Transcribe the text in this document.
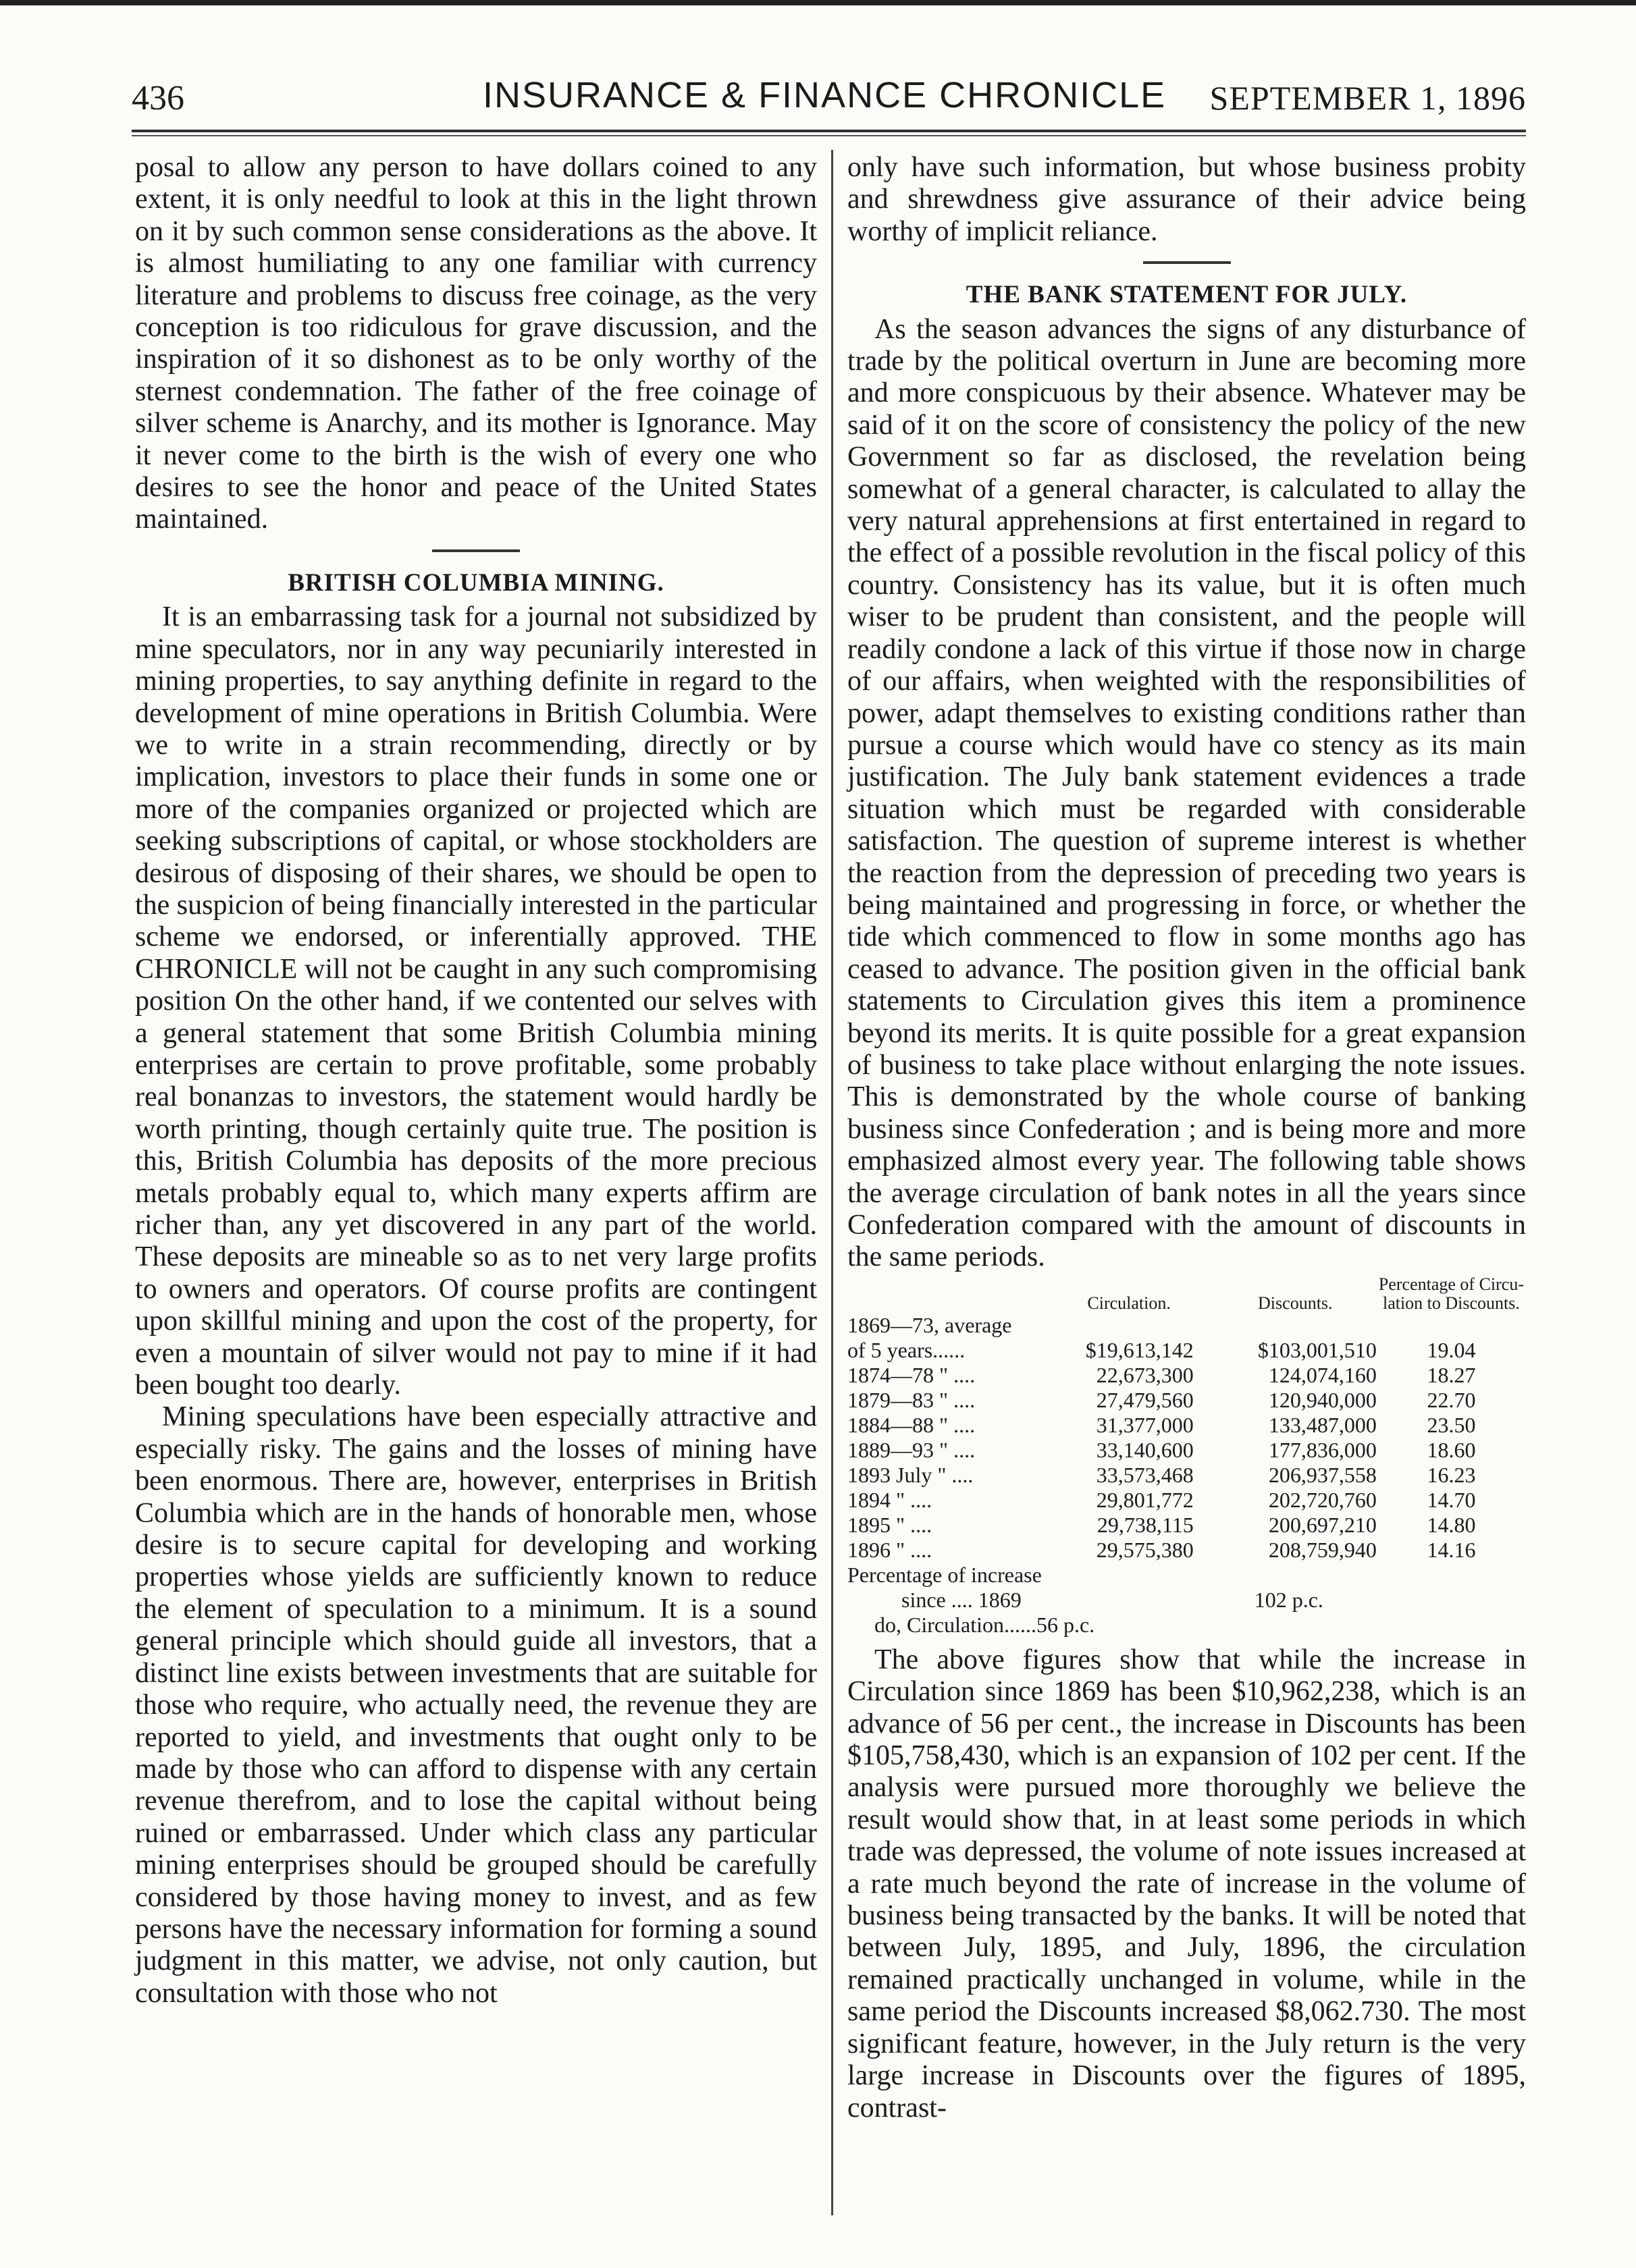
436	INSURANCE & FINANCE CHRONICLE SEPTEMBER 1, 1896

posal to allow any person to have dollars coined to any extent, it is only needful to look at this in the light thrown on it by such common sense considerations as the above. It is almost humiliating to any one familiar with currency literature and problems to discuss free coinage, as the very conception is too ridiculous for grave discussion, and the inspiration of it so dishonest as to be only worthy of the sternest condemnation. The father of the free coinage of silver scheme is Anarchy, and its mother is Ignorance. May it never come to the birth is the wish of every one who desires to see the honor and peace of the United States maintained.

BRITISH COLUMBIA MINING.

It is an embarrassing task for a journal not subsidized by mine speculators, nor in any way pecuniarily interested in mining properties, to say anything definite in regard to the development of mine operations in British Columbia. Were we to write in a strain recommending, directly or by implication, investors to place their funds in some one or more of the companies organized or projected which are seeking subscriptions of capital, or whose stockholders are desirous of disposing of their shares, we should be open to the suspicion of being financially interested in the particular scheme we endorsed, or inferentially approved. THE CHRONICLE will not be caught in any such compromising position On the other hand, if we contented our selves with a general statement that some British Columbia mining enterprises are certain to prove profitable, some probably real bonanzas to investors, the statement would hardly be worth printing, though certainly quite true. The position is this, British Columbia has deposits of the more precious metals probably equal to, which many experts affirm are richer than, any yet discovered in any part of the world. These deposits are mineable so as to net very large profits to owners and operators. Of course profits are contingent upon skillful mining and upon the cost of the property, for even a mountain of silver would not pay to mine if it had been bought too dearly.

Mining speculations have been especially attractive and especially risky. The gains and the losses of mining have been enormous. There are, however, enterprises in British Columbia which are in the hands of honorable men, whose desire is to secure capital for developing and working properties whose yields are sufficiently known to reduce the element of speculation to a minimum. It is a sound general principle which should guide all investors, that a distinct line exists between investments that are suitable for those who require, who actually need, the revenue they are reported to yield, and investments that ought only to be made by those who can afford to dispense with any certain revenue therefrom, and to lose the capital without being ruined or embarrassed. Under which class any particular mining enterprises should be grouped should be carefully considered by those having money to invest, and as few persons have the necessary information for forming a sound judgment in this matter, we advise, not only caution, but consultation with those who not

only have such information, but whose business probity and shrewdness give assurance of their advice being worthy of implicit reliance.

THE BANK STATEMENT FOR JULY.

As the season advances the signs of any disturbance of trade by the political overturn in June are becoming more and more conspicuous by their absence. Whatever may be said of it on the score of consistency the policy of the new Government so far as disclosed, the revelation being somewhat of a general character, is calculated to allay the very natural apprehensions at first entertained in regard to the effect of a possible revolution in the fiscal policy of this country. Consistency has its value, but it is often much wiser to be prudent than consistent, and the people will readily condone a lack of this virtue if those now in charge of our affairs, when weighted with the responsibilities of power, adapt themselves to existing conditions rather than pursue a course which would have co stency as its main justification. The July bank statement evidences a trade situation which must be regarded with considerable satisfaction. The question of supreme interest is whether the reaction from the depression of preceding two years is being maintained and progressing in force, or whether the tide which commenced to flow in some months ago has ceased to advance. The position given in the official bank statements to Circulation gives this item a prominence beyond its merits. It is quite possible for a great expansion of business to take place without enlarging the note issues. This is demonstrated by the whole course of banking business since Confederation ; and is being more and more emphasized almost every year. The following table shows the average circulation of bank notes in all the years since Confederation compared with the amount of discounts in the same periods.

			Percentage of Circu-
	Circulation.	Discounts.	lation to Discounts.
1869—73, average			
of 5 years......	$19,613,142	$103,001,510	19.04
1874—78 " ....	22,673,300	124,074,160	18.27
1879—83 " ....	27,479,560	120,940,000	22.70
1884—88 " ....	31,377,000	133,487,000	23.50
1889—93 " ....	33,140,600	177,836,000	18.60
1893 July " ....	33,573,468	206,937,558	16.23
1894 " ....	29,801,772	202,720,760	14.70
1895 " ....	29,738,115	200,697,210	14.80
1896 " ....	29,575,380	208,759,940	14.16
Percentage of increase			
since .... 1869		102 p.c.	
do, Circulation......56 p.c.			

The above figures show that while the increase in Circulation since 1869 has been $10,962,238, which is an advance of 56 per cent., the increase in Discounts has been $105,758,430, which is an expansion of 102 per cent. If the analysis were pursued more thoroughly we believe the result would show that, in at least some periods in which trade was depressed, the volume of note issues increased at a rate much beyond the rate of increase in the volume of business being transacted by the banks. It will be noted that between July, 1895, and July, 1896, the circulation remained practically unchanged in volume, while in the same period the Discounts increased $8,062.730. The most significant feature, however, in the July return is the very large increase in Discounts over the figures of 1895, contrast-
